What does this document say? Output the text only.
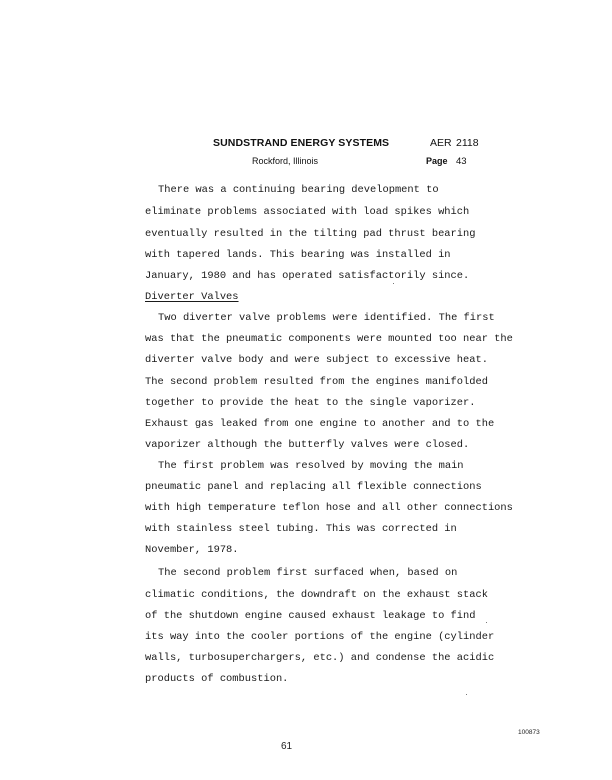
SUNDSTRAND ENERGY SYSTEMS
Rockford, Illinois
AER 2118
Page 43
There was a continuing bearing development to
eliminate problems associated with load spikes which
eventually resulted in the tilting pad thrust bearing
with tapered lands. This bearing was installed in
January, 1980 and has operated satisfactorily since.
Diverter Valves
Two diverter valve problems were identified. The first
was that the pneumatic components were mounted too near the
diverter valve body and were subject to excessive heat.
The second problem resulted from the engines manifolded
together to provide the heat to the single vaporizer.
Exhaust gas leaked from one engine to another and to the
vaporizer although the butterfly valves were closed.
The first problem was resolved by moving the main
pneumatic panel and replacing all flexible connections
with high temperature teflon hose and all other connections
with stainless steel tubing. This was corrected in
November, 1978.
The second problem first surfaced when, based on
climatic conditions, the downdraft on the exhaust stack
of the shutdown engine caused exhaust leakage to find
its way into the cooler portions of the engine (cylinder
walls, turbosuperchargers, etc.) and condense the acidic
products of combustion.
100873
61
